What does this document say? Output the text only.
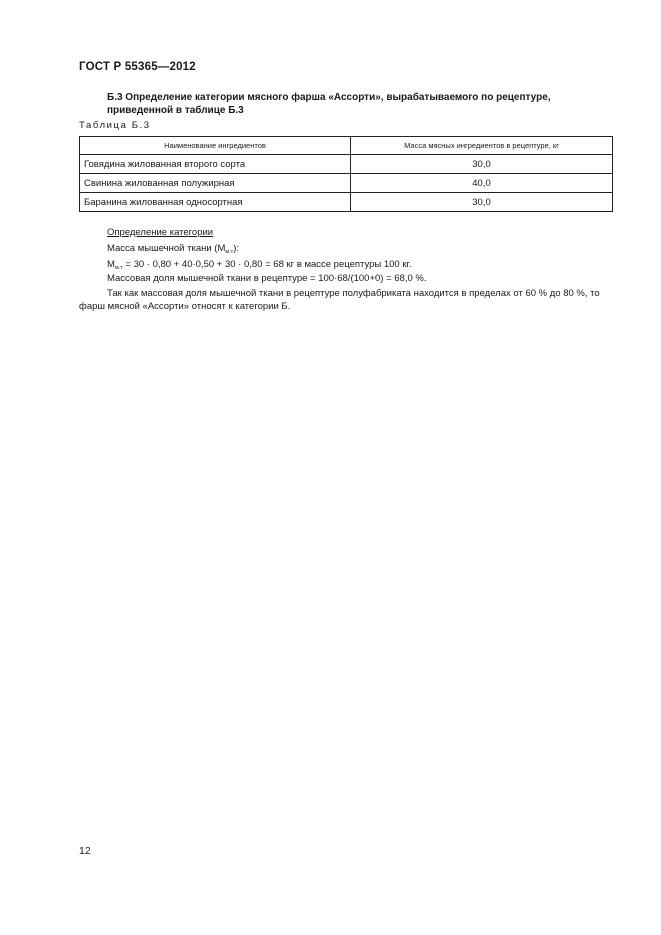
ГОСТ Р 55365—2012
Б.3 Определение категории мясного фарша «Ассорти», вырабатываемого по рецептуре, приведенной в таблице Б.3
Таблица Б.3
Наименование ингредиентов	Масса мясных ингредиентов в рецептуре, кг
Говядина жилованная второго сорта	30,0
Свинина жилованная полужирная	40,0
Баранина жилованная односортная	30,0
Определение категории
Масса мышечной ткани $(М_{м.т})$:
$М_{м.т} = 30 \cdot 0,80 + 40\cdot 0,50 + 30 \cdot 0,80 = 68$ кг в массе рецептуры 100 кг.
Массовая доля мышечной ткани в рецептуре = 100·68/(100+0) = 68,0 %.
Так как массовая доля мышечной ткани в рецептуре полуфабриката находится в пределах от 60 % до 80 %, то фарш мясной «Ассорти» относят к категории Б.
12
